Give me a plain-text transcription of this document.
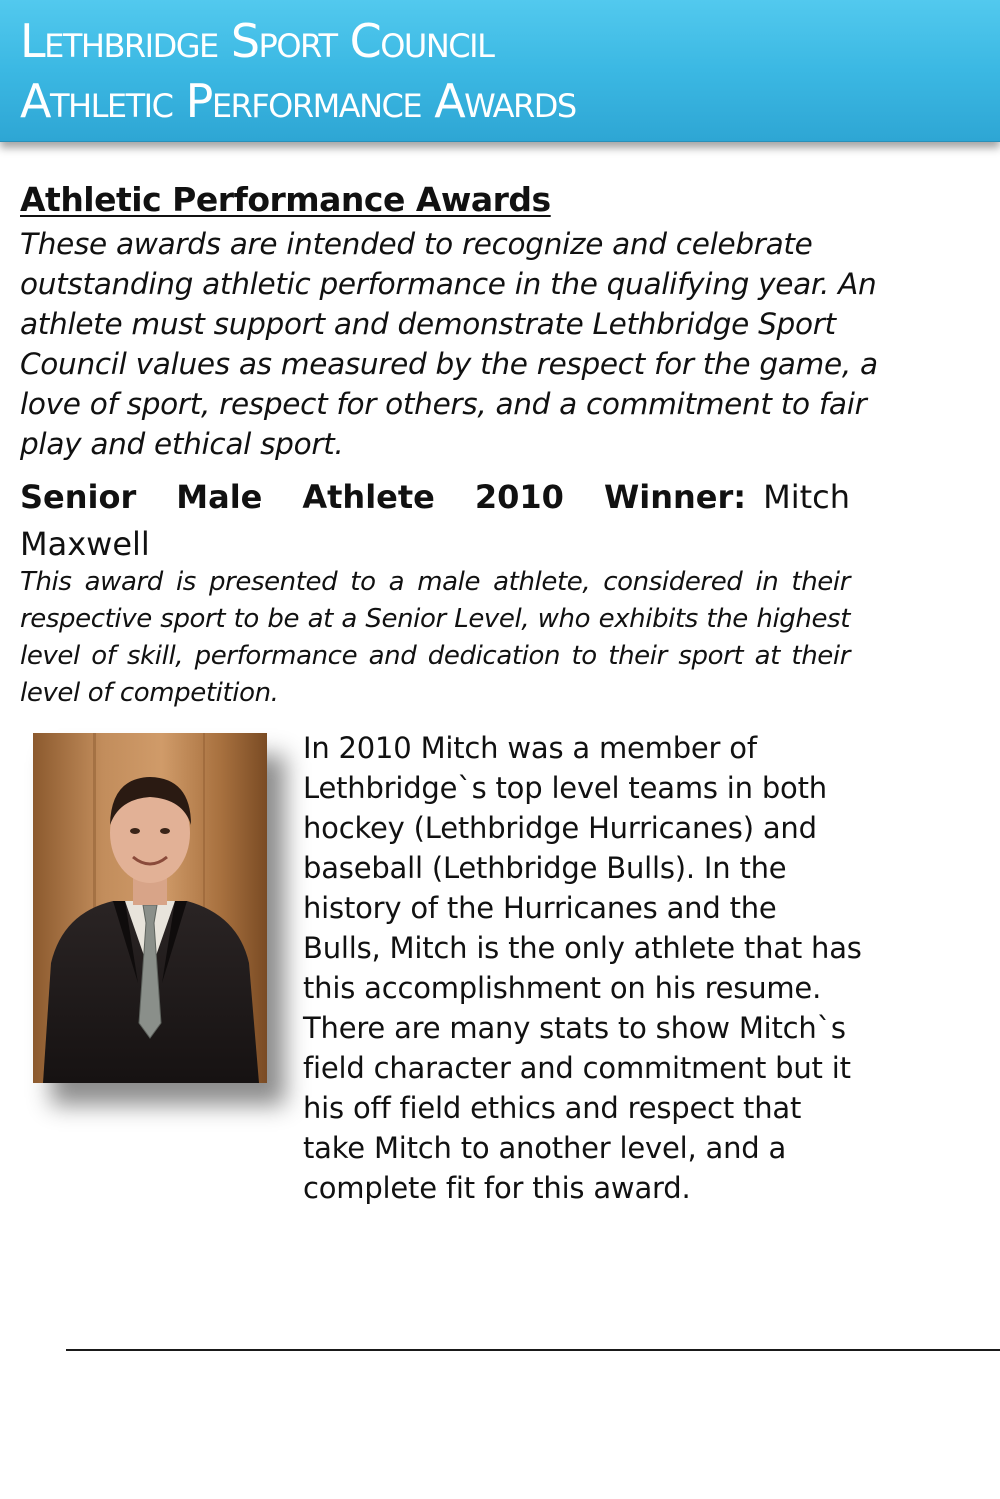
Lethbridge Sport Council
Athletic Performance Awards
Athletic Performance Awards
These awards are intended to recognize and celebrate outstanding athletic performance in the qualifying year. An athlete must support and demonstrate Lethbridge Sport Council values as measured by the respect for the game, a love of sport, respect for others, and a commitment to fair play and ethical sport.
Senior Male Athlete 2010 Winner: Mitch Maxwell
This award is presented to a male athlete, considered in their respective sport to be at a Senior Level, who exhibits the highest level of skill, performance and dedication to their sport at their level of competition.
In 2010 Mitch was a member of Lethbridge`s top level teams in both hockey (Lethbridge Hurricanes) and baseball (Lethbridge Bulls). In the history of the Hurricanes and the Bulls, Mitch is the only athlete that has this accomplishment on his resume. There are many stats to show Mitch`s field character and commitment but it his off field ethics and respect that take Mitch to another level, and a complete fit for this award.
